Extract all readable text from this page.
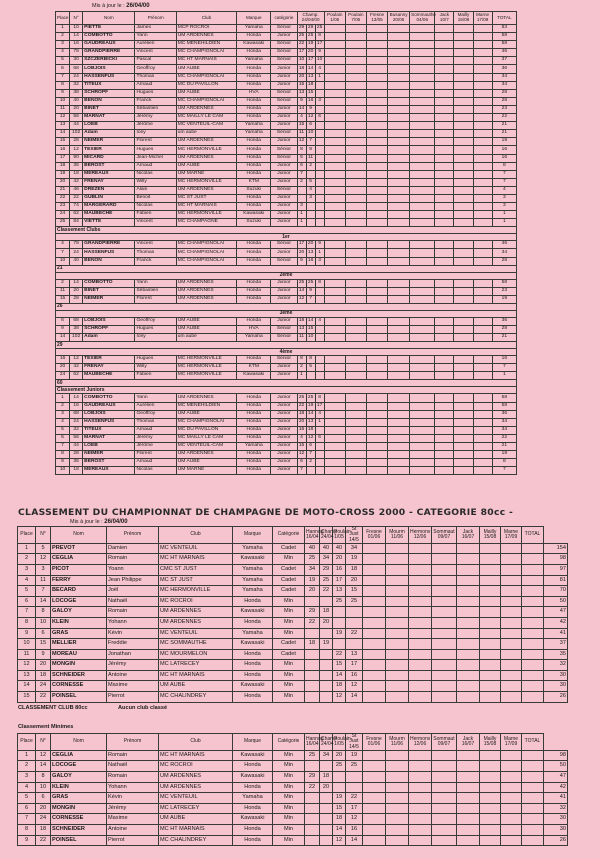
Mis à jour le : 26/04/00
Place	N°	Nom	Prénom	Club	Marque	catégorie	Champ. 24/04/00			Poulain 1/05	Poulain 7/05	Fresne 13/05	Busanny 20/05	Sommauthe 04/06	Jack 10/7	Mailly 15/08	Marne 17/09	TOTAL
1	10	PIETTE	James	MCP ROCROI	Yamaha	Sénior	29	29	25									83
2	14	COMBOTTO	Yann	UM ARDENNES	Honda	Junior	25	25	8									58
3	16	GAUDREAUX	Aurélien	MC MENEHILDIEN	Kawasaki	Sénior	22	19	17									58
4	78	GRANDPIERRE	Vincent	MC CHAMPIGNOLAI	Honda	Sénior	17	20	9									46
5	30	SZCZERBICKI	Pascal	MC HT MARNAIS	Yamaha	Sénior	10	17	10									37
6	68	LOBJOIS	Geoffroy	UM AUBE	Honda	Junior	18	14	4									36
7	24	HASSENFUS	Thomas	MC CHAMPIGNOLAI	Honda	Junior	20	13	1									34
8	32	TITEUX	Arnaud	MC DU PAVILLON	Honda	Junior	16	18										34
9	38	SCHROPF	Hugues	UM AUBE	HVA	Sénior	13	15										28
10	40	BENON	Franck	MC CHAMPIGNOLAI	Honda	Sénior	9	16	3									28
11	20	BINET	Sébastien	UM ARDENNES	Honda	Junior	14	9										23
12	56	MARNAT	Jérémy	MC MAILLY LE CAM	Honda	Junior	4	12	6									22
13	44	LOEB	Jérôme	MC VENTEUIL-CAM	Yamaha	Junior	15	6										21
14	102	Adam	Iony	um aube	Yamaha	Sénior	11	10										21
15	28	NEIMER	Florent	UM ARDENNES	Honda	Junior	12	7										19
16	12	TEXIER	Hugues	MC HERMONVILLE	Honda	Sénior	8	8										16
17	90	MICARD	Jean-Michel	UM ARDENNES	Honda	Sénior	5	11										16
18	36	BEROST	Arnaud	UM AUBE	Honda	Junior	6	2										8
19	18	MEREAUX	Nicolas	UM MARNE	Honda	Junior	7											7
20	42	FRENAY	Willy	MC HERMONVILLE	KTM	Junior	2	5										7
21	46	DREZEN	Alain	UM ARDENNES	Suzuki	Sénior		4										4
22	22	GUBLIN	Benoit	MC ST JUST	Honda	Junior		3										3
23	74	MARGERARD	Nicolas	MC HT MARNAIS	Honda	Junior	3											3
24	62	MAUBECHE	Fabien	MC HERMONVILLE	Kawasaki	Junior	1											1
25	84	VIETTE	Vincent	MC CHAMPAGNE	Suzuki	Junior	1											1
Classement Clubs																		
1er																		
4	78	GRANDPIERRE	Vincent	MC CHAMPIGNOLAI	Honda	Sénior	17	20	9									46
7	24	HASSENFUS	Thomas	MC CHAMPIGNOLAI	Honda	Junior	20	13	1									34
10	40	BENON	Franck	MC CHAMPIGNOLAI	Honda	Sénior	9	16	3									28
21																		
2ème																		
2	14	COMBOTTO	Yann	UM ARDENNES	Honda	Junior	25	25	8									58
11	20	BINET	Sébastien	UM ARDENNES	Honda	Junior	14	9										23
15	28	NEIMER	Florent	UM ARDENNES	Honda	Junior	12	7										19
26																		
3ème																		
6	68	LOBJOIS	Geoffroy	UM AUBE	Honda	Junior	18	14	4									36
9	38	SCHROPF	Hugues	UM AUBE	HVA	Sénior	13	15										28
14	102	Adam	Iony	um aube	Yamaha	Sénior	11	10										21
29																		
4ème																		
16	12	TEXIER	Hugues	MC HERMONVILLE	Honda	Sénior	8	8										16
20	42	FRENAY	Willy	MC HERMONVILLE	KTM	Junior	2	5										7
24	62	MAUBECHE	Fabien	MC HERMONVILLE	Kawasaki	Junior	1											1
60																		
Classement Juniors																		
1	14	COMBOTTO	Yann	UM ARDENNES	Honda	Junior	25	25	8									58
2	16	GAUDREAUX	Aurélien	MC MENEHILDIEN	Honda	Junior	22	19	17									58
3	68	LOBJOIS	Geoffroy	UM AUBE	Honda	Junior	18	14	4									36
4	24	HASSENFUS	Thomas	MC CHAMPIGNOLAI	Honda	Junior	20	13	1									34
5	32	TITEUX	Arnaud	MC DU PAVILLON	Honda	Junior	16	18										34
6	56	MARNAT	Jérémy	MC MAILLY LE CAM	Honda	Junior	4	12	6									22
7	44	LOEB	Jérôme	MC VENTEUIL-CAM	Yamaha	Junior	15	6										21
8	28	NEIMER	Florent	UM ARDENNES	Honda	Junior	12	7										19
9	36	BEROST	Arnaud	UM AUBE	Honda	Junior	6	2										8
10	18	MEREAUX	Nicolas	UM MARNE	Honda	Junior	7											7
CLASSEMENT DU CHAMPIONNAT DE CHAMPAGNE DE MOTO-CROSS 2000 - CATEGORIE 80cc -
Mis à jour le : 26/04/00
Place	N°	Nom	Prénom	Club	Marque	Catégorie	Hannog 16/04	Champ 24/04	Poulain 1/05	St Just 14/5	Fresne 01/06	Mourm 11/06	Hermonv 12/06	Sommaut 09/07	Jack 16/07	Mailly 15/08	Marne 17/09	TOTAL	
1	5	PREVOT	Damien	MC VENTEUIL	Yamaha	Cadet	40	40	40	34									154
2	12	CEGLIA	Romain	MC HT MARNAIS	Kawasaki	Min	25	34	20	19									98
3	3	PICOT	Yoann	CMC ST JUST	Yamaha	Cadet	34	29	16	18									97
4	11	FERRY	Jean Philippe	MC ST JUST	Yamaha	Cadet	19	25	17	20									81
5	7	BECARD	Joël	MC HERMONVILLE	Yamaha	Cadet	20	22	13	15									70
6	14	LOCOGE	Nathaël	MC ROCROI	Honda	Min			25	25									50
7	8	GALOY	Romain	UM ARDENNES	Kawasaki	Min	29	18											47
8	10	KLEIN	Yohann	UM ARDENNES	Honda	Min	22	20											42
9	6	GRAS	Kévin	MC VENTEUIL	Yamaha	Min			19	22									41
10	15	MELLIER	Freddie	MC SOMMAUTHE	Kawasaki	Cadet	18	19											37
11	9	MOREAU	Jonathan	MC MOURMELON	Honda	Cadet			22	13									35
12	20	MONGIN	Jérémy	MC LATRECEY	Honda	Min			15	17									32
13	18	SCHNEIDER	Antoine	MC HT MARNAIS	Honda	Min			14	16									30
14	24	CORNESSE	Maxime	UM AUBE	Kawasaki	Min			18	12									30
15	22	POINSEL	Pierrot	MC CHALINDREY	Honda	Min			12	14									26
CLASSEMENT CLUB 80cc	Aucun club classé
Classement Minimes
Place	N°	Nom	Prénom	Club	Marque	Catégorie	Hannog 16/04	Champ 24/04	Poulain 1/05	St Just 14/5	Fresne 01/06	Mourm 11/06	Hermonv 12/06	Sommaut 09/07	Jack 16/07	Mailly 15/08	Marne 17/09	TOTAL	
1	12	CEGLIA	Romain	MC HT MARNAIS	Kawasaki	Min	25	34	20	19									98
2	14	LOCOGE	Nathaël	MC ROCROI	Honda	Min			25	25									50
3	8	GALOY	Romain	UM ARDENNES	Kawasaki	Min	29	18											47
4	10	KLEIN	Yohann	UM ARDENNES	Honda	Min	22	20											42
5	6	GRAS	Kévin	MC VENTEUIL	Yamaha	Min			19	22									41
6	20	MONGIN	Jérémy	MC LATRECEY	Honda	Min			15	17									32
7	24	CORNESSE	Maxime	UM AUBE	Kawasaki	Min			18	12									30
8	18	SCHNEIDER	Antoine	MC HT MARNAIS	Honda	Min			14	16									30
9	22	POINSEL	Pierrot	MC CHALINDREY	Honda	Min			12	14									26
